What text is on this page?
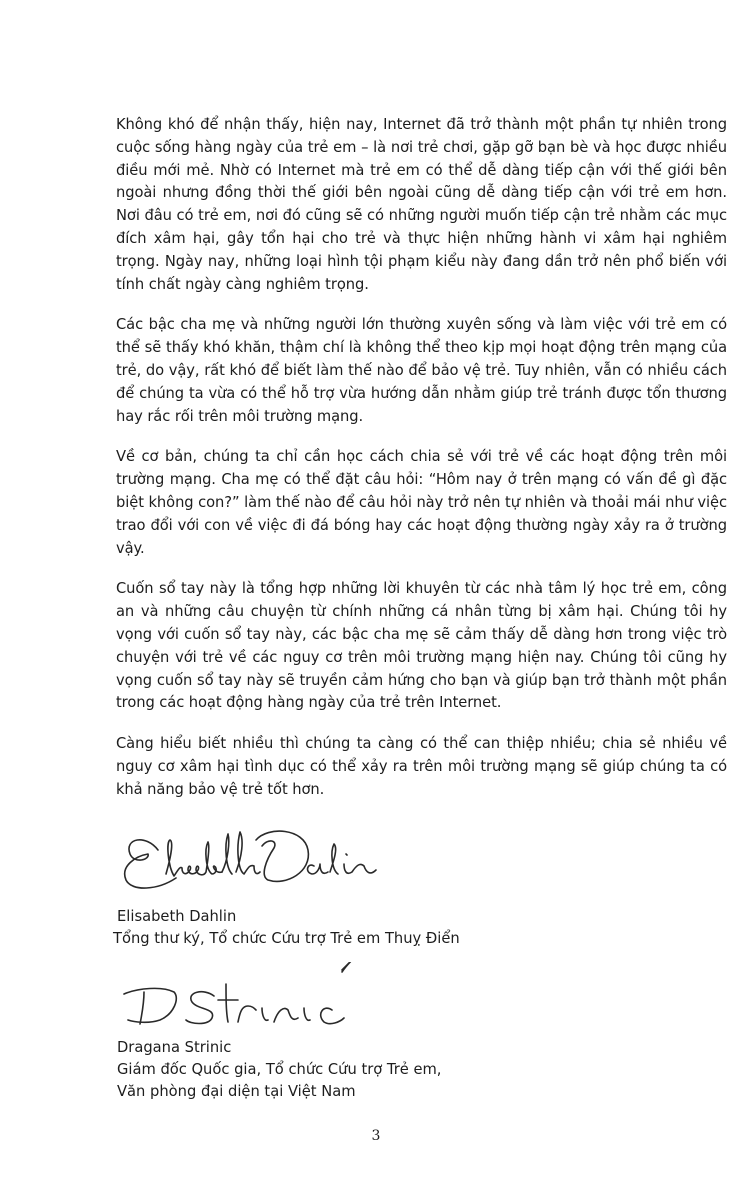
Không khó để nhận thấy, hiện nay, Internet đã trở thành một phần tự nhiên trong cuộc sống hàng ngày của trẻ em – là nơi trẻ chơi, gặp gỡ bạn bè và học được nhiều điều mới mẻ. Nhờ có Internet mà trẻ em có thể dễ dàng tiếp cận với thế giới bên ngoài nhưng đồng thời thế giới bên ngoài cũng dễ dàng tiếp cận với trẻ em hơn. Nơi đâu có trẻ em, nơi đó cũng sẽ có những người muốn tiếp cận trẻ nhằm các mục đích xâm hại, gây tổn hại cho trẻ và thực hiện những hành vi xâm hại nghiêm trọng. Ngày nay, những loại hình tội phạm kiểu này đang dần trở nên phổ biến với tính chất ngày càng nghiêm trọng.

Các bậc cha mẹ và những người lớn thường xuyên sống và làm việc với trẻ em có thể sẽ thấy khó khăn, thậm chí là không thể theo kịp mọi hoạt động trên mạng của trẻ, do vậy, rất khó để biết làm thế nào để bảo vệ trẻ. Tuy nhiên, vẫn có nhiều cách để chúng ta vừa có thể hỗ trợ vừa hướng dẫn nhằm giúp trẻ tránh được tổn thương hay rắc rối trên môi trường mạng.

Về cơ bản, chúng ta chỉ cần học cách chia sẻ với trẻ về các hoạt động trên môi trường mạng. Cha mẹ có thể đặt câu hỏi: “Hôm nay ở trên mạng có vấn đề gì đặc biệt không con?” làm thế nào để câu hỏi này trở nên tự nhiên và thoải mái như việc trao đổi với con về việc đi đá bóng hay các hoạt động thường ngày xảy ra ở trường vậy.

Cuốn sổ tay này là tổng hợp những lời khuyên từ các nhà tâm lý học trẻ em, công an và những câu chuyện từ chính những cá nhân từng bị xâm hại. Chúng tôi hy vọng với cuốn sổ tay này, các bậc cha mẹ sẽ cảm thấy dễ dàng hơn trong việc trò chuyện với trẻ về các nguy cơ trên môi trường mạng hiện nay. Chúng tôi cũng hy vọng cuốn sổ tay này sẽ truyền cảm hứng cho bạn và giúp bạn trở thành một phần trong các hoạt động hàng ngày của trẻ trên Internet.

Càng hiểu biết nhiều thì chúng ta càng có thể can thiệp nhiều; chia sẻ nhiều về nguy cơ xâm hại tình dục có thể xảy ra trên môi trường mạng sẽ giúp chúng ta có khả năng bảo vệ trẻ tốt hơn.

Elisabeth Dahlin
Tổng thư ký, Tổ chức Cứu trợ Trẻ em Thuỵ Điển
Dragana Strinic
Giám đốc Quốc gia, Tổ chức Cứu trợ Trẻ em,
Văn phòng đại diện tại Việt Nam
3
